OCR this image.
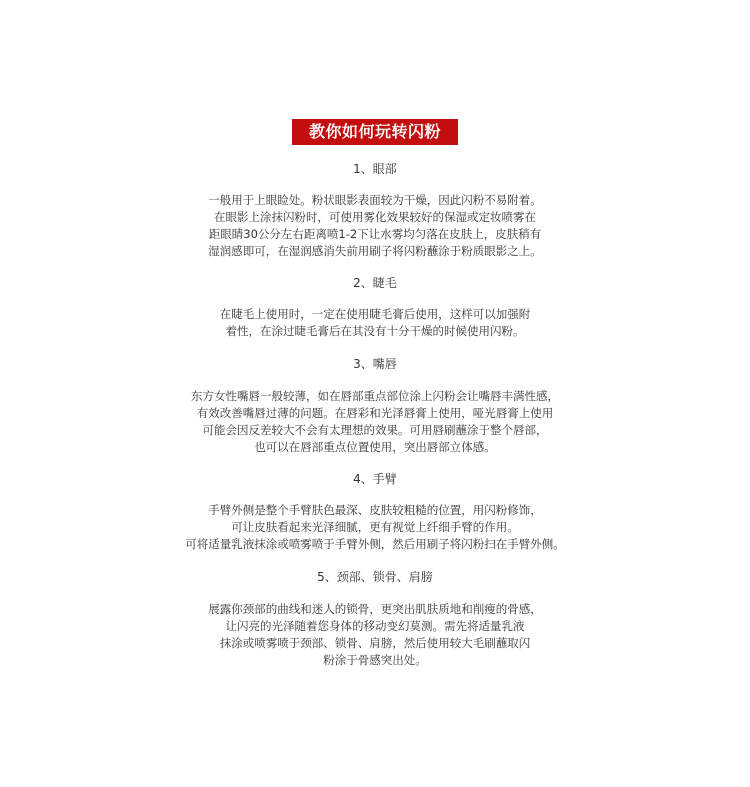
教你如何玩转闪粉
1、眼部
一般用于上眼睑处。粉状眼影表面较为干燥，因此闪粉不易附着。
在眼影上涂抹闪粉时，可使用雾化效果较好的保湿或定妆喷雾在
距眼睛30公分左右距离喷1-2下让水雾均匀落在皮肤上，皮肤稍有
湿润感即可，在湿润感消失前用刷子将闪粉蘸涂于粉质眼影之上。
2、睫毛
在睫毛上使用时，一定在使用睫毛膏后使用，这样可以加强附
着性，在涂过睫毛膏后在其没有十分干燥的时候使用闪粉。
3、嘴唇
东方女性嘴唇一般较薄，如在唇部重点部位涂上闪粉会让嘴唇丰满性感，
有效改善嘴唇过薄的问题。在唇彩和光泽唇膏上使用，哑光唇膏上使用
可能会因反差较大不会有太理想的效果。可用唇刷蘸涂于整个唇部，
也可以在唇部重点位置使用，突出唇部立体感。
4、手臂
手臂外侧是整个手臂肤色最深、皮肤较粗糙的位置，用闪粉修饰，
可让皮肤看起来光泽细腻，更有视觉上纤细手臂的作用。
可将适量乳液抹涂或喷雾喷于手臂外侧，然后用刷子将闪粉扫在手臂外侧。
5、颈部、锁骨、肩膀
展露你颈部的曲线和迷人的锁骨，更突出肌肤质地和削瘦的骨感，
让闪亮的光泽随着您身体的移动变幻莫测。需先将适量乳液
抹涂或喷雾喷于颈部、锁骨、肩膀，然后使用较大毛刷蘸取闪
粉涂于骨感突出处。
